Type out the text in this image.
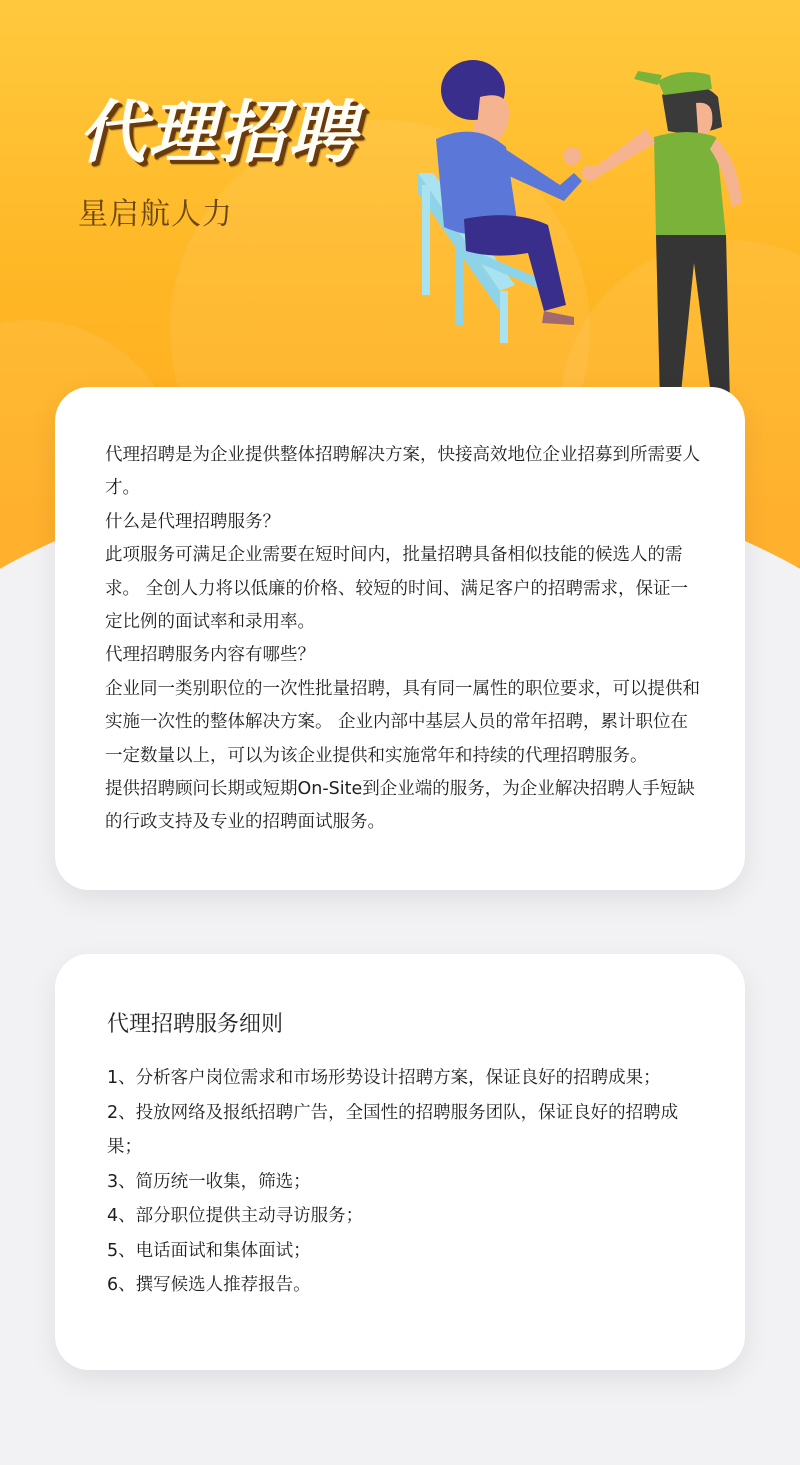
代理招聘

星启航人力

代理招聘是为企业提供整体招聘解决方案，快接高效地位企业招募到所需要人才。
什么是代理招聘服务？
此项服务可满足企业需要在短时间内，批量招聘具备相似技能的候选人的需求。 全创人力将以低廉的价格、较短的时间、满足客户的招聘需求，保证一定比例的面试率和录用率。
代理招聘服务内容有哪些？
企业同一类别职位的一次性批量招聘，具有同一属性的职位要求，可以提供和实施一次性的整体解决方案。 企业内部中基层人员的常年招聘，累计职位在一定数量以上，可以为该企业提供和实施常年和持续的代理招聘服务。
提供招聘顾问长期或短期On-Site到企业端的服务，为企业解决招聘人手短缺的行政支持及专业的招聘面试服务。
代理招聘服务细则
1、分析客户岗位需求和市场形势设计招聘方案，保证良好的招聘成果；
2、投放网络及报纸招聘广告，全国性的招聘服务团队，保证良好的招聘成果；
3、简历统一收集，筛选；
4、部分职位提供主动寻访服务；
5、电话面试和集体面试；
6、撰写候选人推荐报告。
